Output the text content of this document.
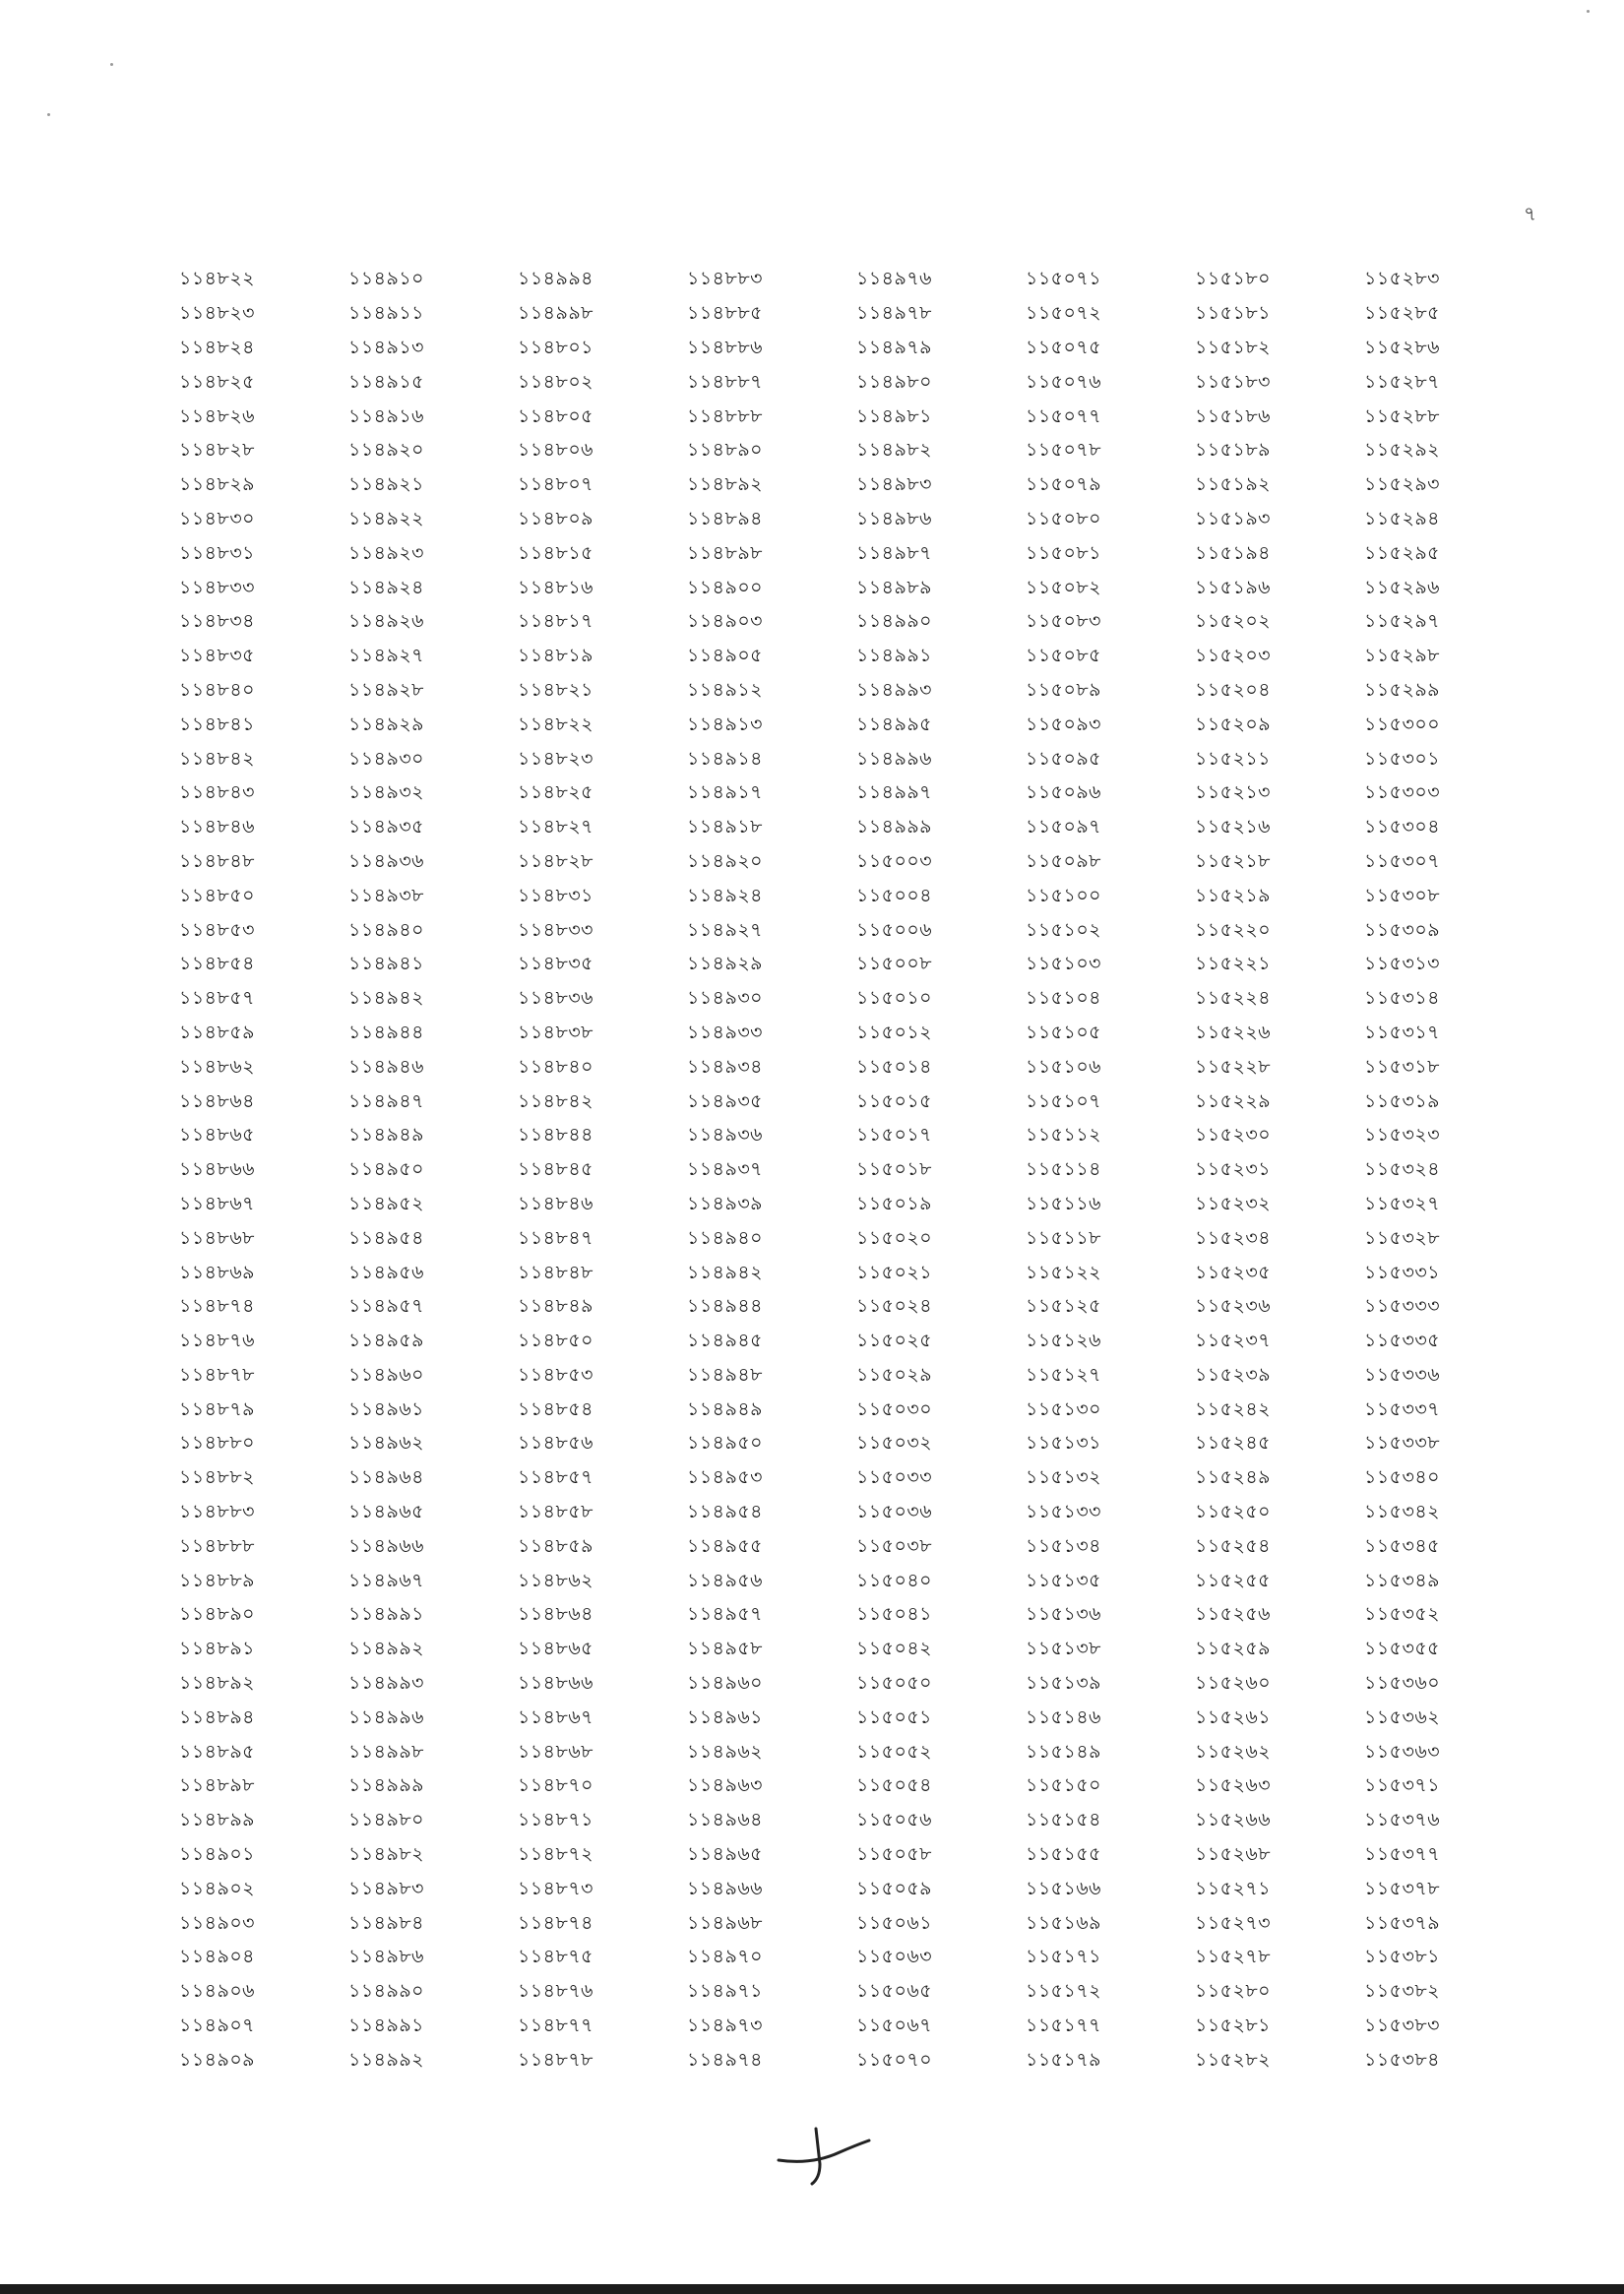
৭
১১৪৮২২	১১৪৯১০	১১৪৯৯৪	১১৪৮৮৩	১১৪৯৭৬	১১৫০৭১	১১৫১৮০	১১৫২৮৩
১১৪৮২৩	১১৪৯১১	১১৪৯৯৮	১১৪৮৮৫	১১৪৯৭৮	১১৫০৭২	১১৫১৮১	১১৫২৮৫
১১৪৮২৪	১১৪৯১৩	১১৪৮০১	১১৪৮৮৬	১১৪৯৭৯	১১৫০৭৫	১১৫১৮২	১১৫২৮৬
১১৪৮২৫	১১৪৯১৫	১১৪৮০২	১১৪৮৮৭	১১৪৯৮০	১১৫০৭৬	১১৫১৮৩	১১৫২৮৭
১১৪৮২৬	১১৪৯১৬	১১৪৮০৫	১১৪৮৮৮	১১৪৯৮১	১১৫০৭৭	১১৫১৮৬	১১৫২৮৮
১১৪৮২৮	১১৪৯২০	১১৪৮০৬	১১৪৮৯০	১১৪৯৮২	১১৫০৭৮	১১৫১৮৯	১১৫২৯২
১১৪৮২৯	১১৪৯২১	১১৪৮০৭	১১৪৮৯২	১১৪৯৮৩	১১৫০৭৯	১১৫১৯২	১১৫২৯৩
১১৪৮৩০	১১৪৯২২	১১৪৮০৯	১১৪৮৯৪	১১৪৯৮৬	১১৫০৮০	১১৫১৯৩	১১৫২৯৪
১১৪৮৩১	১১৪৯২৩	১১৪৮১৫	১১৪৮৯৮	১১৪৯৮৭	১১৫০৮১	১১৫১৯৪	১১৫২৯৫
১১৪৮৩৩	১১৪৯২৪	১১৪৮১৬	১১৪৯০০	১১৪৯৮৯	১১৫০৮২	১১৫১৯৬	১১৫২৯৬
১১৪৮৩৪	১১৪৯২৬	১১৪৮১৭	১১৪৯০৩	১১৪৯৯০	১১৫০৮৩	১১৫২০২	১১৫২৯৭
১১৪৮৩৫	১১৪৯২৭	১১৪৮১৯	১১৪৯০৫	১১৪৯৯১	১১৫০৮৫	১১৫২০৩	১১৫২৯৮
১১৪৮৪০	১১৪৯২৮	১১৪৮২১	১১৪৯১২	১১৪৯৯৩	১১৫০৮৯	১১৫২০৪	১১৫২৯৯
১১৪৮৪১	১১৪৯২৯	১১৪৮২২	১১৪৯১৩	১১৪৯৯৫	১১৫০৯৩	১১৫২০৯	১১৫৩০০
১১৪৮৪২	১১৪৯৩০	১১৪৮২৩	১১৪৯১৪	১১৪৯৯৬	১১৫০৯৫	১১৫২১১	১১৫৩০১
১১৪৮৪৩	১১৪৯৩২	১১৪৮২৫	১১৪৯১৭	১১৪৯৯৭	১১৫০৯৬	১১৫২১৩	১১৫৩০৩
১১৪৮৪৬	১১৪৯৩৫	১১৪৮২৭	১১৪৯১৮	১১৪৯৯৯	১১৫০৯৭	১১৫২১৬	১১৫৩০৪
১১৪৮৪৮	১১৪৯৩৬	১১৪৮২৮	১১৪৯২০	১১৫০০৩	১১৫০৯৮	১১৫২১৮	১১৫৩০৭
১১৪৮৫০	১১৪৯৩৮	১১৪৮৩১	১১৪৯২৪	১১৫০০৪	১১৫১০০	১১৫২১৯	১১৫৩০৮
১১৪৮৫৩	১১৪৯৪০	১১৪৮৩৩	১১৪৯২৭	১১৫০০৬	১১৫১০২	১১৫২২০	১১৫৩০৯
১১৪৮৫৪	১১৪৯৪১	১১৪৮৩৫	১১৪৯২৯	১১৫০০৮	১১৫১০৩	১১৫২২১	১১৫৩১৩
১১৪৮৫৭	১১৪৯৪২	১১৪৮৩৬	১১৪৯৩০	১১৫০১০	১১৫১০৪	১১৫২২৪	১১৫৩১৪
১১৪৮৫৯	১১৪৯৪৪	১১৪৮৩৮	১১৪৯৩৩	১১৫০১২	১১৫১০৫	১১৫২২৬	১১৫৩১৭
১১৪৮৬২	১১৪৯৪৬	১১৪৮৪০	১১৪৯৩৪	১১৫০১৪	১১৫১০৬	১১৫২২৮	১১৫৩১৮
১১৪৮৬৪	১১৪৯৪৭	১১৪৮৪২	১১৪৯৩৫	১১৫০১৫	১১৫১০৭	১১৫২২৯	১১৫৩১৯
১১৪৮৬৫	১১৪৯৪৯	১১৪৮৪৪	১১৪৯৩৬	১১৫০১৭	১১৫১১২	১১৫২৩০	১১৫৩২৩
১১৪৮৬৬	১১৪৯৫০	১১৪৮৪৫	১১৪৯৩৭	১১৫০১৮	১১৫১১৪	১১৫২৩১	১১৫৩২৪
১১৪৮৬৭	১১৪৯৫২	১১৪৮৪৬	১১৪৯৩৯	১১৫০১৯	১১৫১১৬	১১৫২৩২	১১৫৩২৭
১১৪৮৬৮	১১৪৯৫৪	১১৪৮৪৭	১১৪৯৪০	১১৫০২০	১১৫১১৮	১১৫২৩৪	১১৫৩২৮
১১৪৮৬৯	১১৪৯৫৬	১১৪৮৪৮	১১৪৯৪২	১১৫০২১	১১৫১২২	১১৫২৩৫	১১৫৩৩১
১১৪৮৭৪	১১৪৯৫৭	১১৪৮৪৯	১১৪৯৪৪	১১৫০২৪	১১৫১২৫	১১৫২৩৬	১১৫৩৩৩
১১৪৮৭৬	১১৪৯৫৯	১১৪৮৫০	১১৪৯৪৫	১১৫০২৫	১১৫১২৬	১১৫২৩৭	১১৫৩৩৫
১১৪৮৭৮	১১৪৯৬০	১১৪৮৫৩	১১৪৯৪৮	১১৫০২৯	১১৫১২৭	১১৫২৩৯	১১৫৩৩৬
১১৪৮৭৯	১১৪৯৬১	১১৪৮৫৪	১১৪৯৪৯	১১৫০৩০	১১৫১৩০	১১৫২৪২	১১৫৩৩৭
১১৪৮৮০	১১৪৯৬২	১১৪৮৫৬	১১৪৯৫০	১১৫০৩২	১১৫১৩১	১১৫২৪৫	১১৫৩৩৮
১১৪৮৮২	১১৪৯৬৪	১১৪৮৫৭	১১৪৯৫৩	১১৫০৩৩	১১৫১৩২	১১৫২৪৯	১১৫৩৪০
১১৪৮৮৩	১১৪৯৬৫	১১৪৮৫৮	১১৪৯৫৪	১১৫০৩৬	১১৫১৩৩	১১৫২৫০	১১৫৩৪২
১১৪৮৮৮	১১৪৯৬৬	১১৪৮৫৯	১১৪৯৫৫	১১৫০৩৮	১১৫১৩৪	১১৫২৫৪	১১৫৩৪৫
১১৪৮৮৯	১১৪৯৬৭	১১৪৮৬২	১১৪৯৫৬	১১৫০৪০	১১৫১৩৫	১১৫২৫৫	১১৫৩৪৯
১১৪৮৯০	১১৪৯৯১	১১৪৮৬৪	১১৪৯৫৭	১১৫০৪১	১১৫১৩৬	১১৫২৫৬	১১৫৩৫২
১১৪৮৯১	১১৪৯৯২	১১৪৮৬৫	১১৪৯৫৮	১১৫০৪২	১১৫১৩৮	১১৫২৫৯	১১৫৩৫৫
১১৪৮৯২	১১৪৯৯৩	১১৪৮৬৬	১১৪৯৬০	১১৫০৫০	১১৫১৩৯	১১৫২৬০	১১৫৩৬০
১১৪৮৯৪	১১৪৯৯৬	১১৪৮৬৭	১১৪৯৬১	১১৫০৫১	১১৫১৪৬	১১৫২৬১	১১৫৩৬২
১১৪৮৯৫	১১৪৯৯৮	১১৪৮৬৮	১১৪৯৬২	১১৫০৫২	১১৫১৪৯	১১৫২৬২	১১৫৩৬৩
১১৪৮৯৮	১১৪৯৯৯	১১৪৮৭০	১১৪৯৬৩	১১৫০৫৪	১১৫১৫০	১১৫২৬৩	১১৫৩৭১
১১৪৮৯৯	১১৪৯৮০	১১৪৮৭১	১১৪৯৬৪	১১৫০৫৬	১১৫১৫৪	১১৫২৬৬	১১৫৩৭৬
১১৪৯০১	১১৪৯৮২	১১৪৮৭২	১১৪৯৬৫	১১৫০৫৮	১১৫১৫৫	১১৫২৬৮	১১৫৩৭৭
১১৪৯০২	১১৪৯৮৩	১১৪৮৭৩	১১৪৯৬৬	১১৫০৫৯	১১৫১৬৬	১১৫২৭১	১১৫৩৭৮
১১৪৯০৩	১১৪৯৮৪	১১৪৮৭৪	১১৪৯৬৮	১১৫০৬১	১১৫১৬৯	১১৫২৭৩	১১৫৩৭৯
১১৪৯০৪	১১৪৯৮৬	১১৪৮৭৫	১১৪৯৭০	১১৫০৬৩	১১৫১৭১	১১৫২৭৮	১১৫৩৮১
১১৪৯০৬	১১৪৯৯০	১১৪৮৭৬	১১৪৯৭১	১১৫০৬৫	১১৫১৭২	১১৫২৮০	১১৫৩৮২
১১৪৯০৭	১১৪৯৯১	১১৪৮৭৭	১১৪৯৭৩	১১৫০৬৭	১১৫১৭৭	১১৫২৮১	১১৫৩৮৩
১১৪৯০৯	১১৪৯৯২	১১৪৮৭৮	১১৪৯৭৪	১১৫০৭০	১১৫১৭৯	১১৫২৮২	১১৫৩৮৪
